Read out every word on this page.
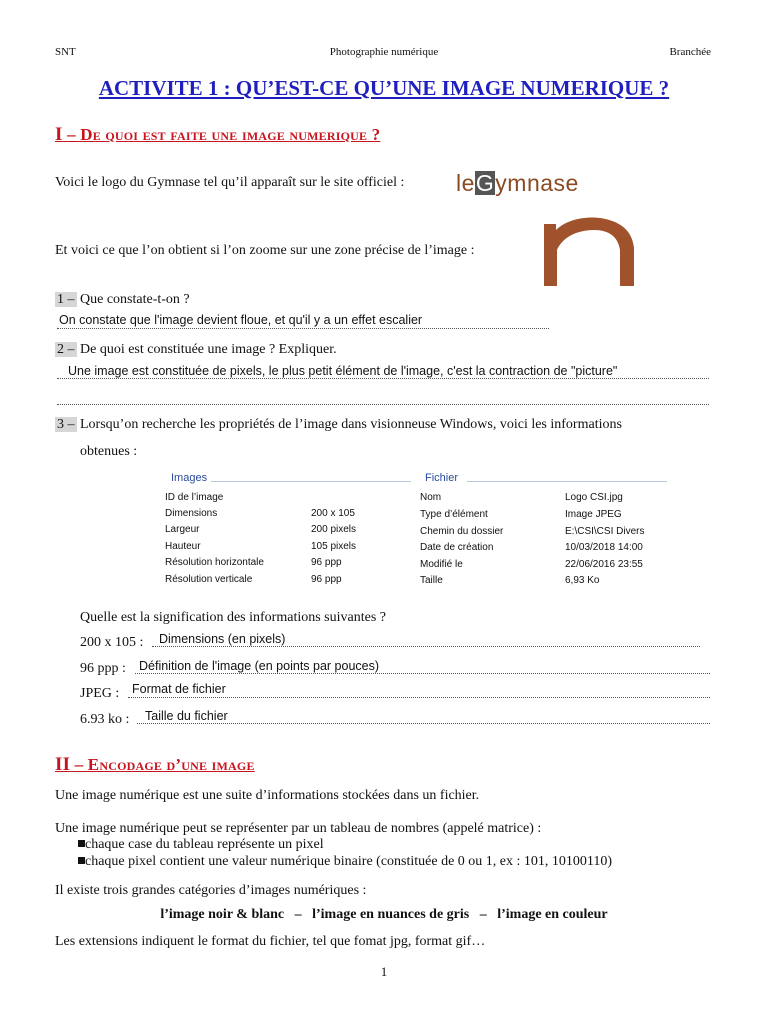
SNT	Photographie numérique	Branchée
ACTIVITE 1 : QU’EST-CE QU’UNE IMAGE NUMERIQUE ?
I – De quoi est faite une image numerique ?
Voici le logo du Gymnase tel qu’il apparaît sur le site officiel : leGymnase
Et voici ce que l’on obtient si l’on zoome sur une zone précise de l’image :
1 – Que constate-t-on ?
On constate que l'image devient floue, et qu'il y a un effet escalier
2 – De quoi est constituée une image ? Expliquer.
Une image est constituée de pixels, le plus petit élément de l'image, c'est la contraction de "picture"
3 – Lorsqu’on recherche les propriétés de l’image dans visionneuse Windows, voici les informations
obtenues :
Images	Fichier
ID de l’image
Dimensions	200 x 105
Largeur	200 pixels
Hauteur	105 pixels
Résolution horizontale	96 ppp
Résolution verticale	96 ppp
Nom	Logo CSI.jpg
Type d’élément	Image JPEG
Chemin du dossier	E:\CSI\CSI Divers
Date de création	10/03/2018 14:00
Modifié le	22/06/2016 23:55
Taille	6,93 Ko
Quelle est la signification des informations suivantes ?
200 x 105 : Dimensions (en pixels)
96 ppp : Définition de l'image (en points par pouces)
JPEG : Format de fichier
6.93 ko : Taille du fichier
II – Encodage d’une image
Une image numérique est une suite d’informations stockées dans un fichier.
Une image numérique peut se représenter par un tableau de nombres (appelé matrice) :
chaque case du tableau représente un pixel
chaque pixel contient une valeur numérique binaire (constituée de 0 ou 1, ex : 101, 10100110)
Il existe trois grandes catégories d’images numériques :
l’image noir & blanc   –   l’image en nuances de gris   –   l’image en couleur
Les extensions indiquent le format du fichier, tel que fomat jpg, format gif…
1
